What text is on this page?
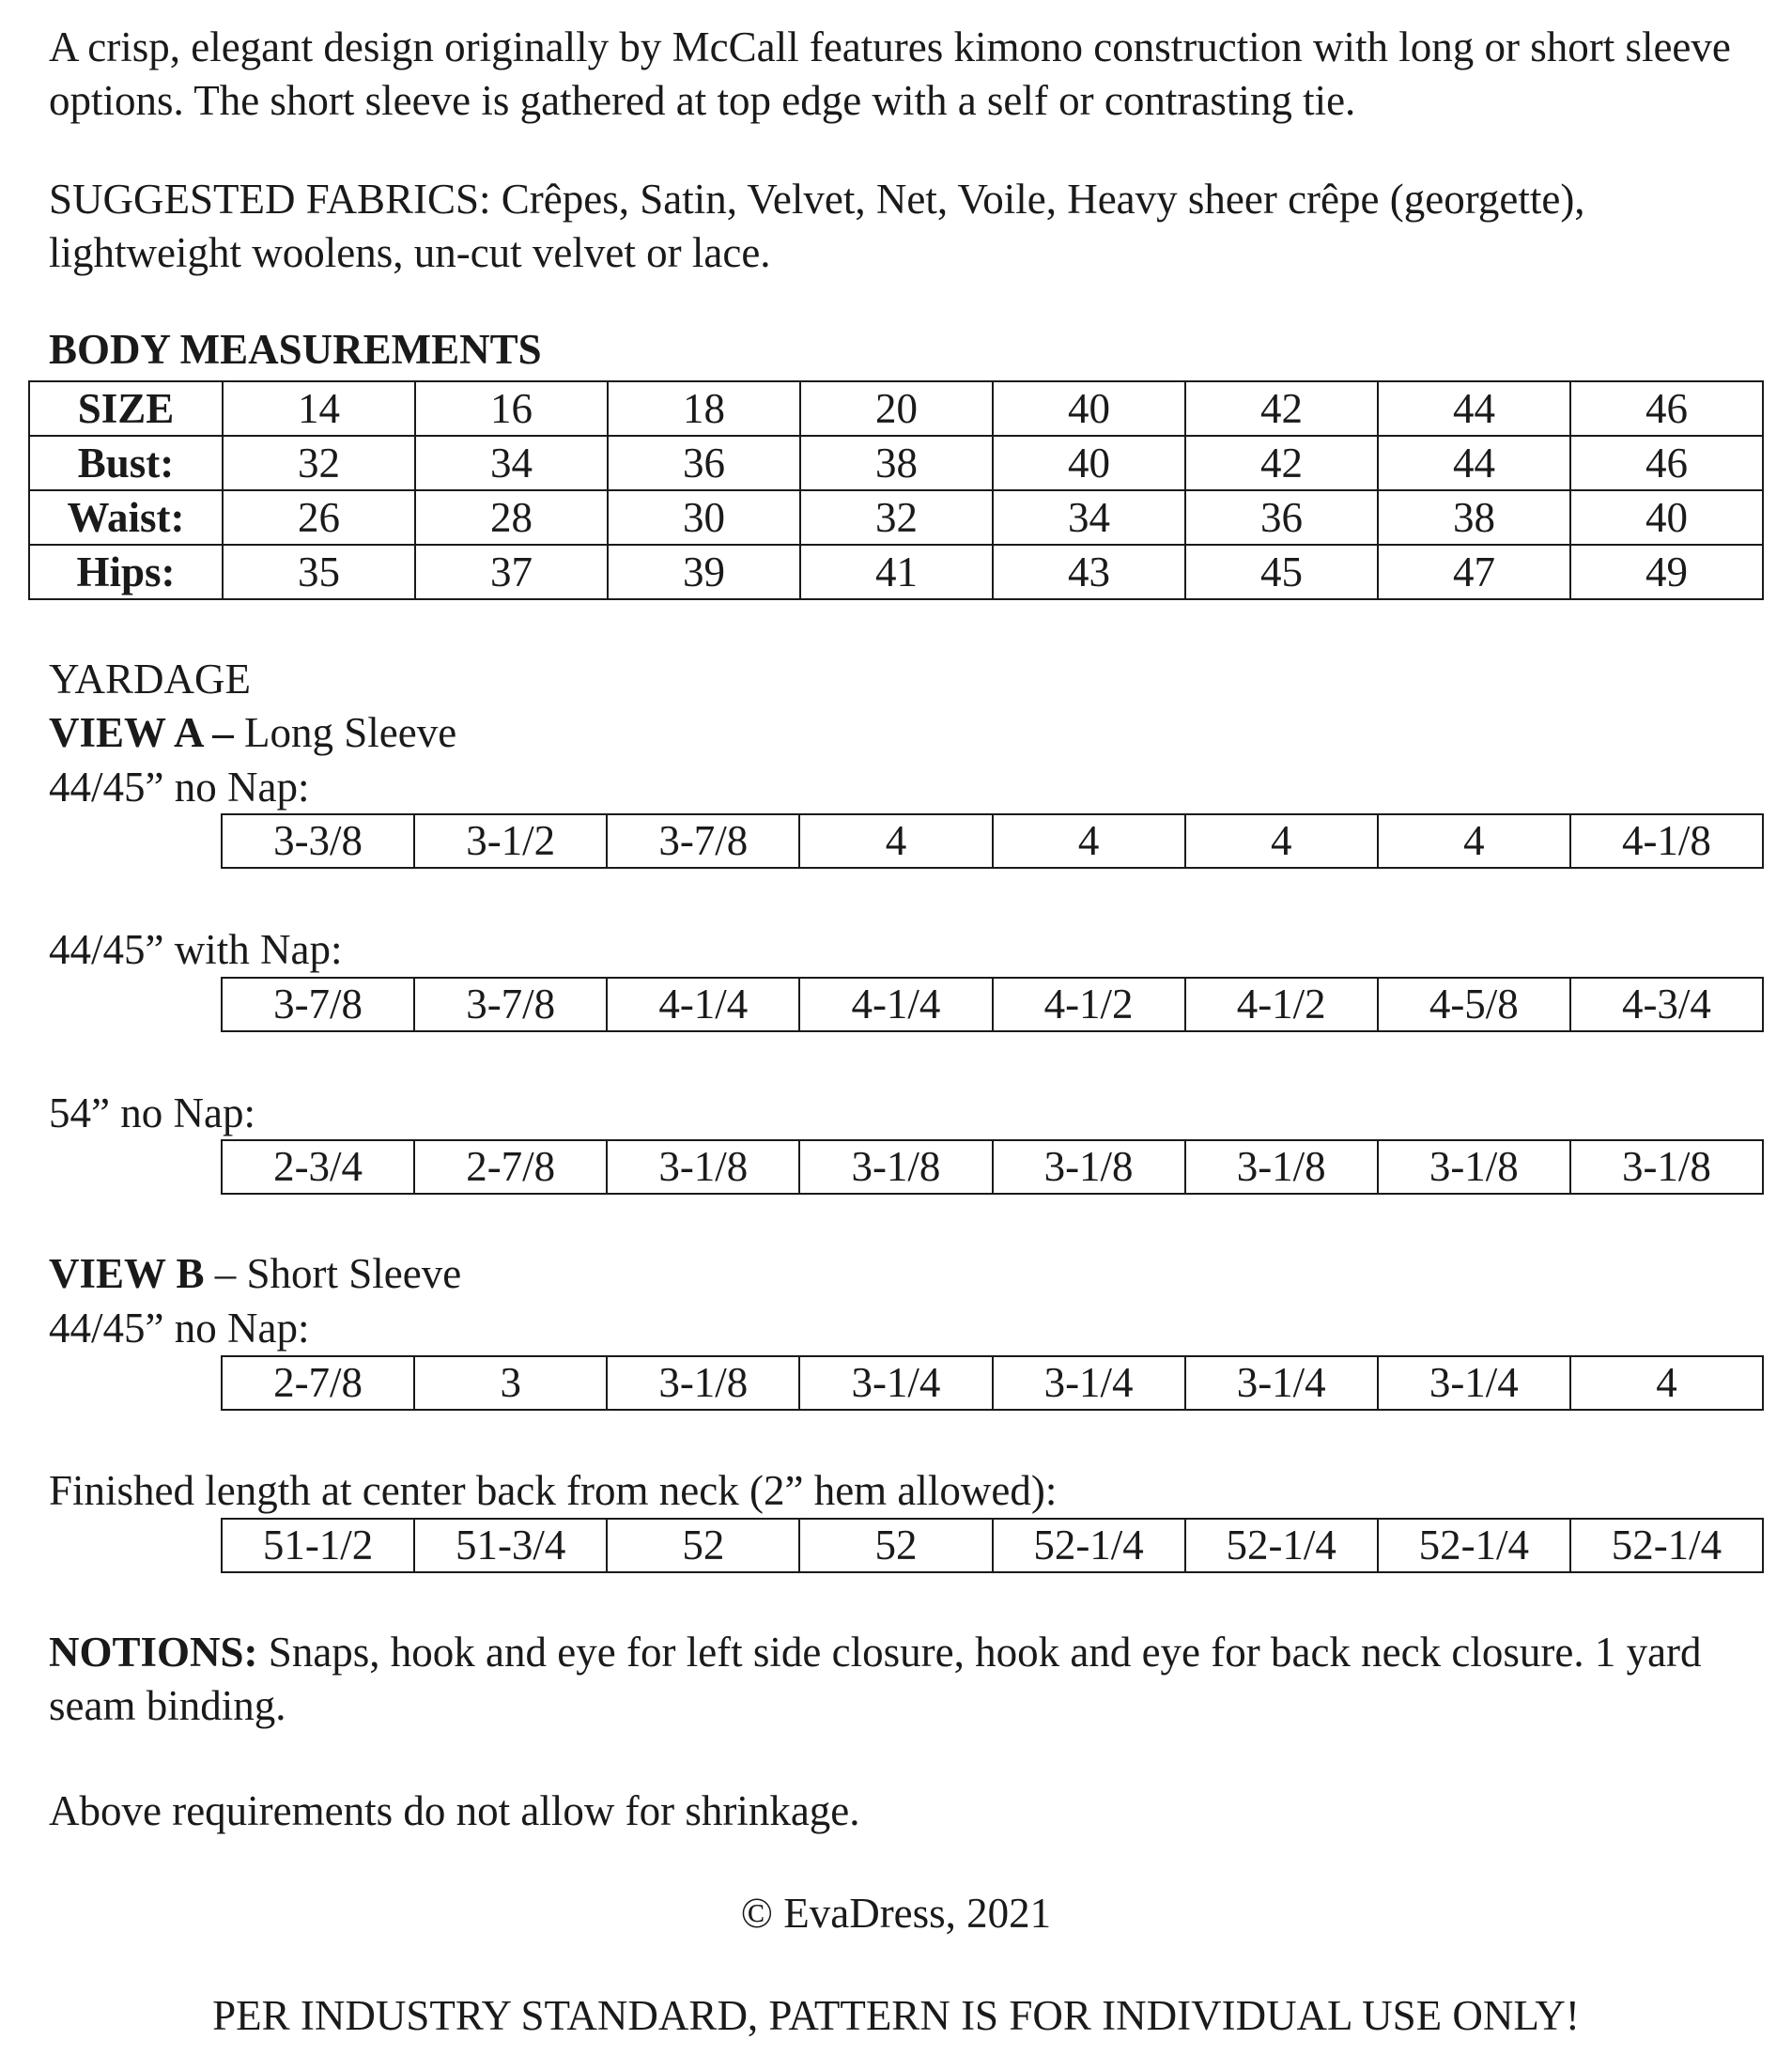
A crisp, elegant design originally by McCall features kimono construction with long or short sleeve options. The short sleeve is gathered at top edge with a self or contrasting tie.

SUGGESTED FABRICS: Crêpes, Satin, Velvet, Net, Voile, Heavy sheer crêpe (georgette), lightweight woolens, un-cut velvet or lace.

BODY MEASUREMENTS
SIZE	14	16	18	20	40	42	44	46
Bust:	32	34	36	38	40	42	44	46
Waist:	26	28	30	32	34	36	38	40
Hips:	35	37	39	41	43	45	47	49
YARDAGE
VIEW A – Long Sleeve
44/45” no Nap:
3-3/8	3-1/2	3-7/8	4	4	4	4	4-1/8
44/45” with Nap:
3-7/8	3-7/8	4-1/4	4-1/4	4-1/2	4-1/2	4-5/8	4-3/4
54” no Nap:
2-3/4	2-7/8	3-1/8	3-1/8	3-1/8	3-1/8	3-1/8	3-1/8
VIEW B – Short Sleeve
44/45” no Nap:
2-7/8	3	3-1/8	3-1/4	3-1/4	3-1/4	3-1/4	4
Finished length at center back from neck (2” hem allowed):
51-1/2	51-3/4	52	52	52-1/4	52-1/4	52-1/4	52-1/4

NOTIONS: Snaps, hook and eye for left side closure, hook and eye for back neck closure. 1 yard seam binding.

Above requirements do not allow for shrinkage.
© EvaDress, 2021
PER INDUSTRY STANDARD, PATTERN IS FOR INDIVIDUAL USE ONLY!
